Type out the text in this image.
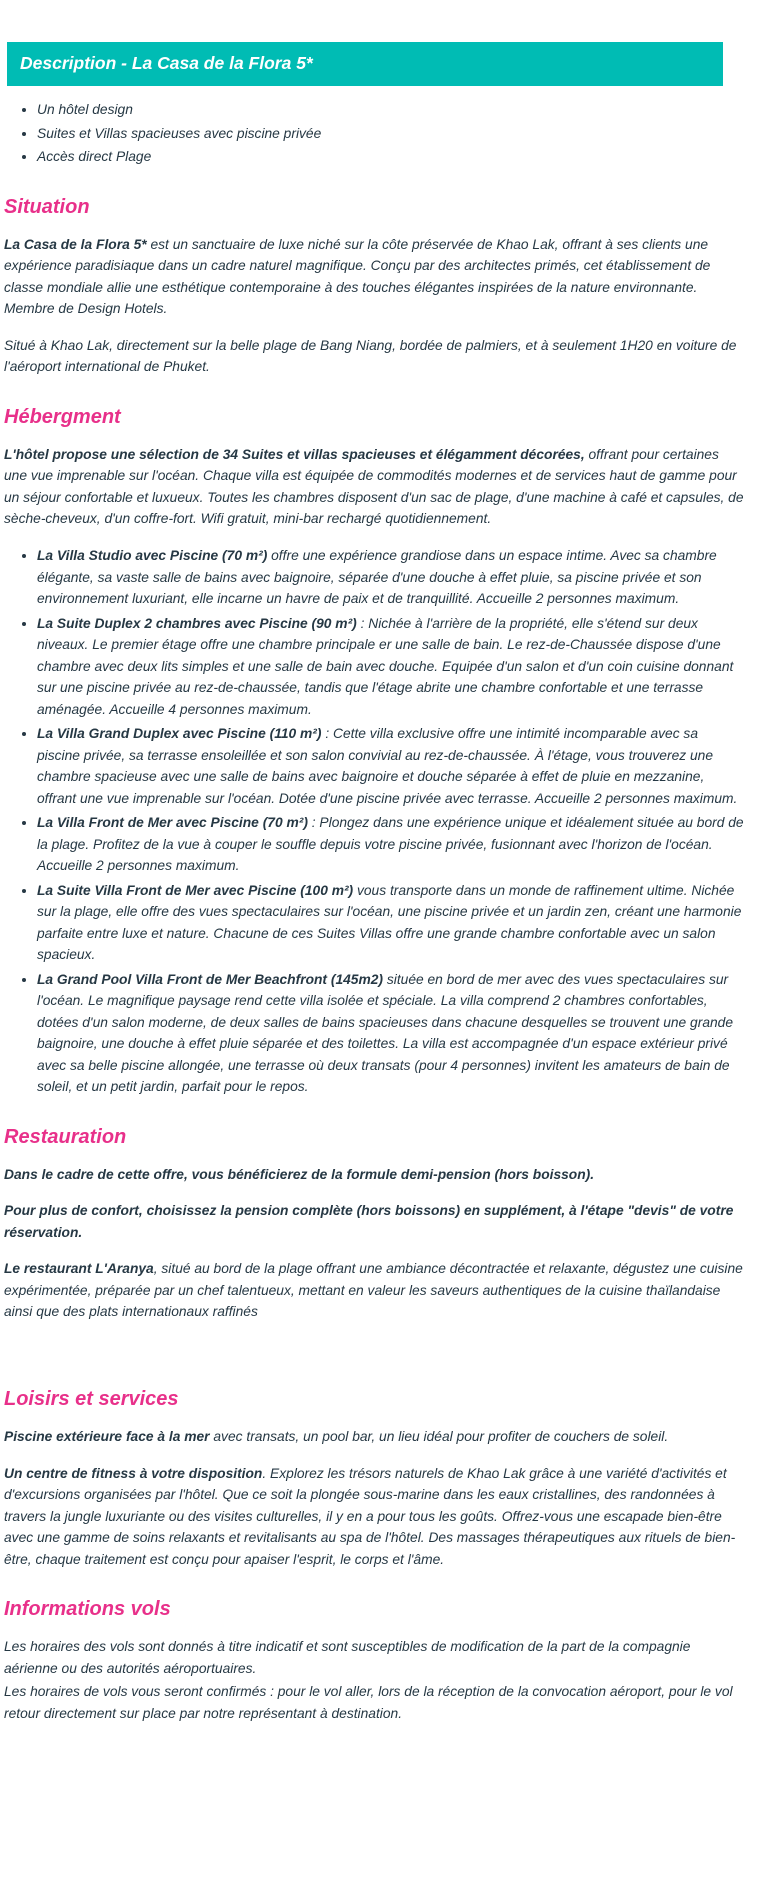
Description - La Casa de la Flora 5*
• Un hôtel design
• Suites et Villas spacieuses avec piscine privée
• Accès direct Plage
Situation

La Casa de la Flora 5* est un sanctuaire de luxe niché sur la côte préservée de Khao Lak, offrant à ses clients une expérience paradisiaque dans un cadre naturel magnifique. Conçu par des architectes primés, cet établissement de classe mondiale allie une esthétique contemporaine à des touches élégantes inspirées de la nature environnante. Membre de Design Hotels.

Situé à Khao Lak, directement sur la belle plage de Bang Niang, bordée de palmiers, et à seulement 1H20 en voiture de l'aéroport international de Phuket.

Hébergment

L'hôtel propose une sélection de 34 Suites et villas spacieuses et élégamment décorées, offrant pour certaines une vue imprenable sur l'océan. Chaque villa est équipée de commodités modernes et de services haut de gamme pour un séjour confortable et luxueux. Toutes les chambres disposent d'un sac de plage, d'une machine à café et capsules, de sèche-cheveux, d'un coffre-fort. Wifi gratuit, mini-bar rechargé quotidiennement.

• La Villa Studio avec Piscine (70 m²) offre une expérience grandiose dans un espace intime. Avec sa chambre élégante, sa vaste salle de bains avec baignoire, séparée d'une douche à effet pluie, sa piscine privée et son environnement luxuriant, elle incarne un havre de paix et de tranquillité. Accueille 2 personnes maximum.
• La Suite Duplex 2 chambres avec Piscine (90 m²) : Nichée à l'arrière de la propriété, elle s'étend sur deux niveaux. Le premier étage offre une chambre principale er une salle de bain. Le rez-de-Chaussée dispose d'une chambre avec deux lits simples et une salle de bain avec douche. Equipée d'un salon et d'un coin cuisine donnant sur une piscine privée au rez-de-chaussée, tandis que l'étage abrite une chambre confortable et une terrasse aménagée. Accueille 4 personnes maximum.
• La Villa Grand Duplex avec Piscine (110 m²) : Cette villa exclusive offre une intimité incomparable avec sa piscine privée, sa terrasse ensoleillée et son salon convivial au rez-de-chaussée. À l'étage, vous trouverez une chambre spacieuse avec une salle de bains avec baignoire et douche séparée à effet de pluie en mezzanine, offrant une vue imprenable sur l'océan. Dotée d'une piscine privée avec terrasse. Accueille 2 personnes maximum.
• La Villa Front de Mer avec Piscine (70 m²) : Plongez dans une expérience unique et idéalement située au bord de la plage. Profitez de la vue à couper le souffle depuis votre piscine privée, fusionnant avec l'horizon de l'océan. Accueille 2 personnes maximum.
• La Suite Villa Front de Mer avec Piscine (100 m²) vous transporte dans un monde de raffinement ultime. Nichée sur la plage, elle offre des vues spectaculaires sur l'océan, une piscine privée et un jardin zen, créant une harmonie parfaite entre luxe et nature. Chacune de ces Suites Villas offre une grande chambre confortable avec un salon spacieux.
• La Grand Pool Villa Front de Mer Beachfront (145m2) située en bord de mer avec des vues spectaculaires sur l'océan. Le magnifique paysage rend cette villa isolée et spéciale. La villa comprend 2 chambres confortables, dotées d'un salon moderne, de deux salles de bains spacieuses dans chacune desquelles se trouvent une grande baignoire, une douche à effet pluie séparée et des toilettes. La villa est accompagnée d'un espace extérieur privé avec sa belle piscine allongée, une terrasse où deux transats (pour 4 personnes) invitent les amateurs de bain de soleil, et un petit jardin, parfait pour le repos.
Restauration

Dans le cadre de cette offre, vous bénéficierez de la formule demi-pension (hors boisson).

Pour plus de confort, choisissez la pension complète (hors boissons) en supplément, à l'étape "devis" de votre réservation.

Le restaurant L'Aranya, situé au bord de la plage offrant une ambiance décontractée et relaxante, dégustez une cuisine expérimentée, préparée par un chef talentueux, mettant en valeur les saveurs authentiques de la cuisine thaïlandaise ainsi que des plats internationaux raffinés

Loisirs et services

Piscine extérieure face à la mer avec transats, un pool bar, un lieu idéal pour profiter de couchers de soleil.

Un centre de fitness à votre disposition. Explorez les trésors naturels de Khao Lak grâce à une variété d'activités et d'excursions organisées par l'hôtel. Que ce soit la plongée sous-marine dans les eaux cristallines, des randonnées à travers la jungle luxuriante ou des visites culturelles, il y en a pour tous les goûts. Offrez-vous une escapade bien-être avec une gamme de soins relaxants et revitalisants au spa de l'hôtel. Des massages thérapeutiques aux rituels de bien-être, chaque traitement est conçu pour apaiser l'esprit, le corps et l'âme.

Informations vols

Les horaires des vols sont donnés à titre indicatif et sont susceptibles de modification de la part de la compagnie aérienne ou des autorités aéroportuaires.

Les horaires de vols vous seront confirmés : pour le vol aller, lors de la réception de la convocation aéroport, pour le vol retour directement sur place par notre représentant à destination.
